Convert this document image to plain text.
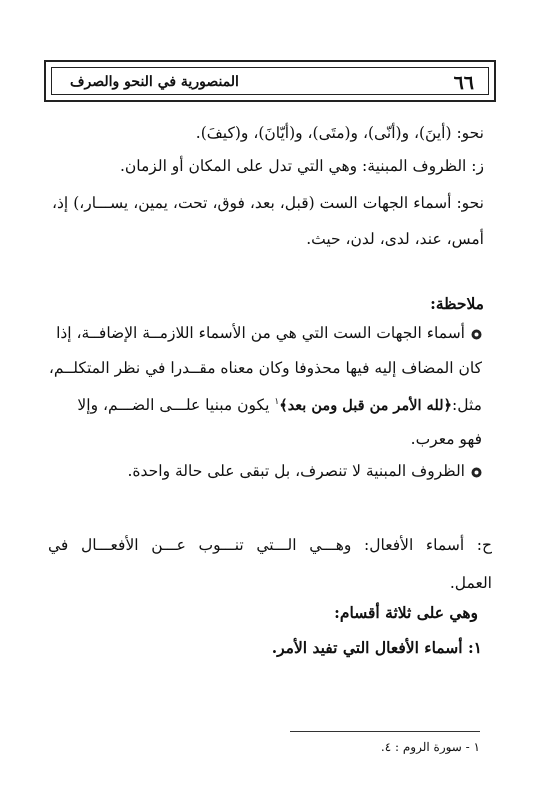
٦٦
المنصورية في النحو والصرف
نحو: (أينَ)، و(أنّى)، و(متَى)، و(أيّانَ)، و(كيفَ).
ز: الظروف المبنية: وهي التي تدل على المكان أو الزمان.
نحو: أسماء الجهات الست (قبل، بعد، فوق، تحت، يمين، يســـار،) إذ،
أمس، عند، لدى، لدن، حيث.
ملاحظة:
أسماء الجهات الست التي هي من الأسماء اللازمــة الإضافــة، إذا
كان المضاف إليه فيها محذوفا وكان معناه مقــدرا في نظر المتكلــم،
مثل:﴿لله الأمر من قبل ومن بعد﴾$^١$ يكون مبنيا علـــى الضـــم، وإلا
فهو معرب.
الظروف المبنية لا تنصرف، بل تبقى على حالة واحدة.
ح: أسماء الأفعال: وهـــي الـــتي تنـــوب عـــن الأفعـــال في
العمل.
وهي على ثلاثة أقسام:
١: أسماء الأفعال التي تفيد الأمر.
١ - سورة الروم : ٤.
